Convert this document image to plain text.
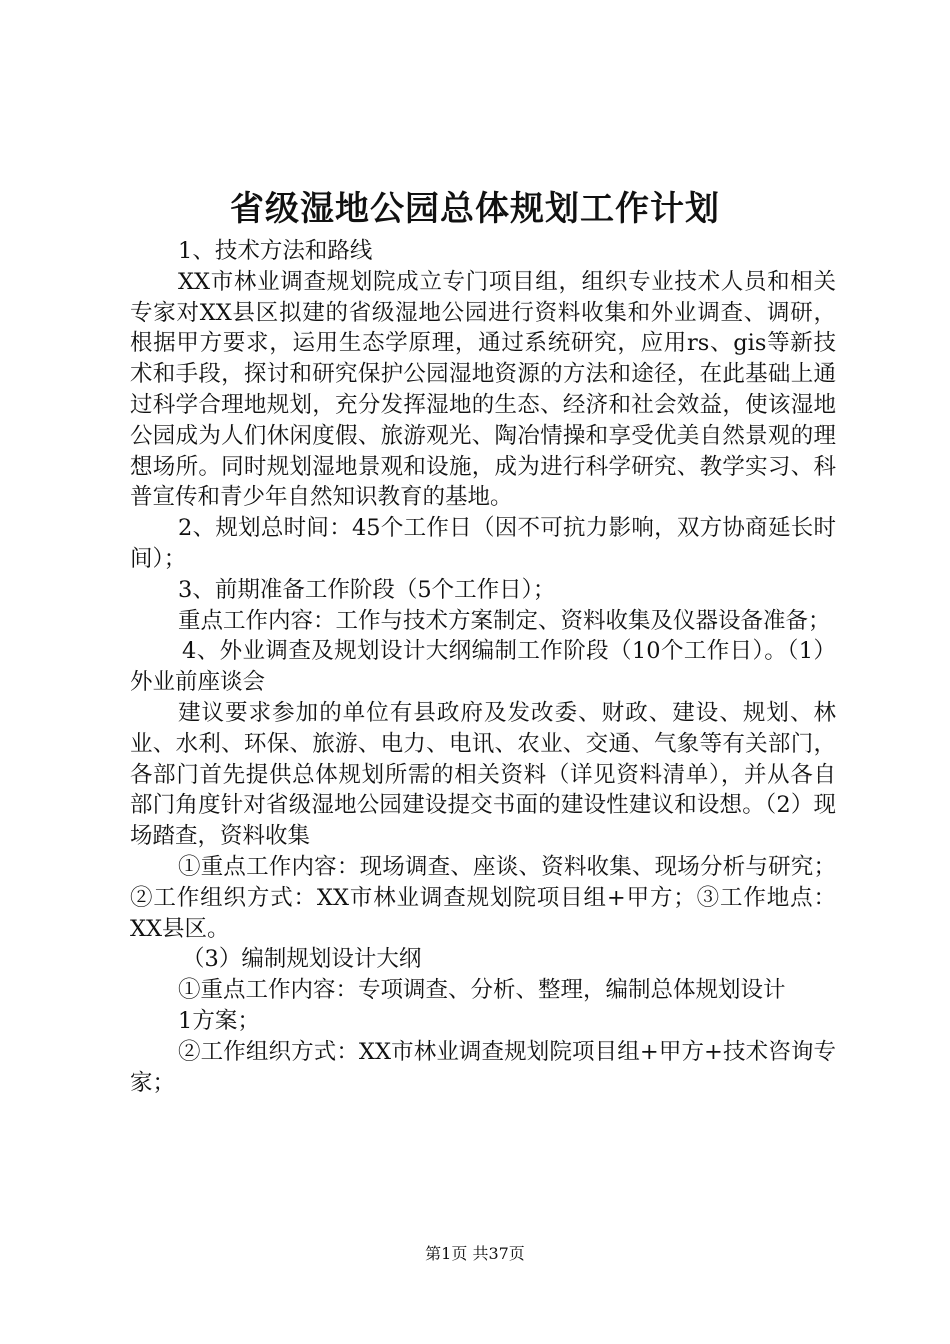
省级湿地公园总体规划工作计划

1、技术方法和路线

XX市林业调查规划院成立专门项目组，组织专业技术人员和相关专家对XX县区拟建的省级湿地公园进行资料收集和外业调查、调研，根据甲方要求，运用生态学原理，通过系统研究，应用rs、gis等新技术和手段，探讨和研究保护公园湿地资源的方法和途径，在此基础上通过科学合理地规划，充分发挥湿地的生态、经济和社会效益，使该湿地公园成为人们休闲度假、旅游观光、陶冶情操和享受优美自然景观的理想场所。同时规划湿地景观和设施，成为进行科学研究、教学实习、科普宣传和青少年自然知识教育的基地。

2、规划总时间：45个工作日（因不可抗力影响，双方协商延长时间）；

3、前期准备工作阶段（5个工作日）；

重点工作内容：工作与技术方案制定、资料收集及仪器设备准备；

4、外业调查及规划设计大纲编制工作阶段（10个工作日）。（1）外业前座谈会

建议要求参加的单位有县政府及发改委、财政、建设、规划、林业、水利、环保、旅游、电力、电讯、农业、交通、气象等有关部门，各部门首先提供总体规划所需的相关资料（详见资料清单），并从各自部门角度针对省级湿地公园建设提交书面的建设性建议和设想。（2）现场踏查，资料收集

①重点工作内容：现场调查、座谈、资料收集、现场分析与研究；②工作组织方式：XX市林业调查规划院项目组+甲方；③工作地点：XX县区。

（3）编制规划设计大纲

①重点工作内容：专项调查、分析、整理，编制总体规划设计

1方案；

②工作组织方式：XX市林业调查规划院项目组+甲方+技术咨询专家；

第1页 共37页
